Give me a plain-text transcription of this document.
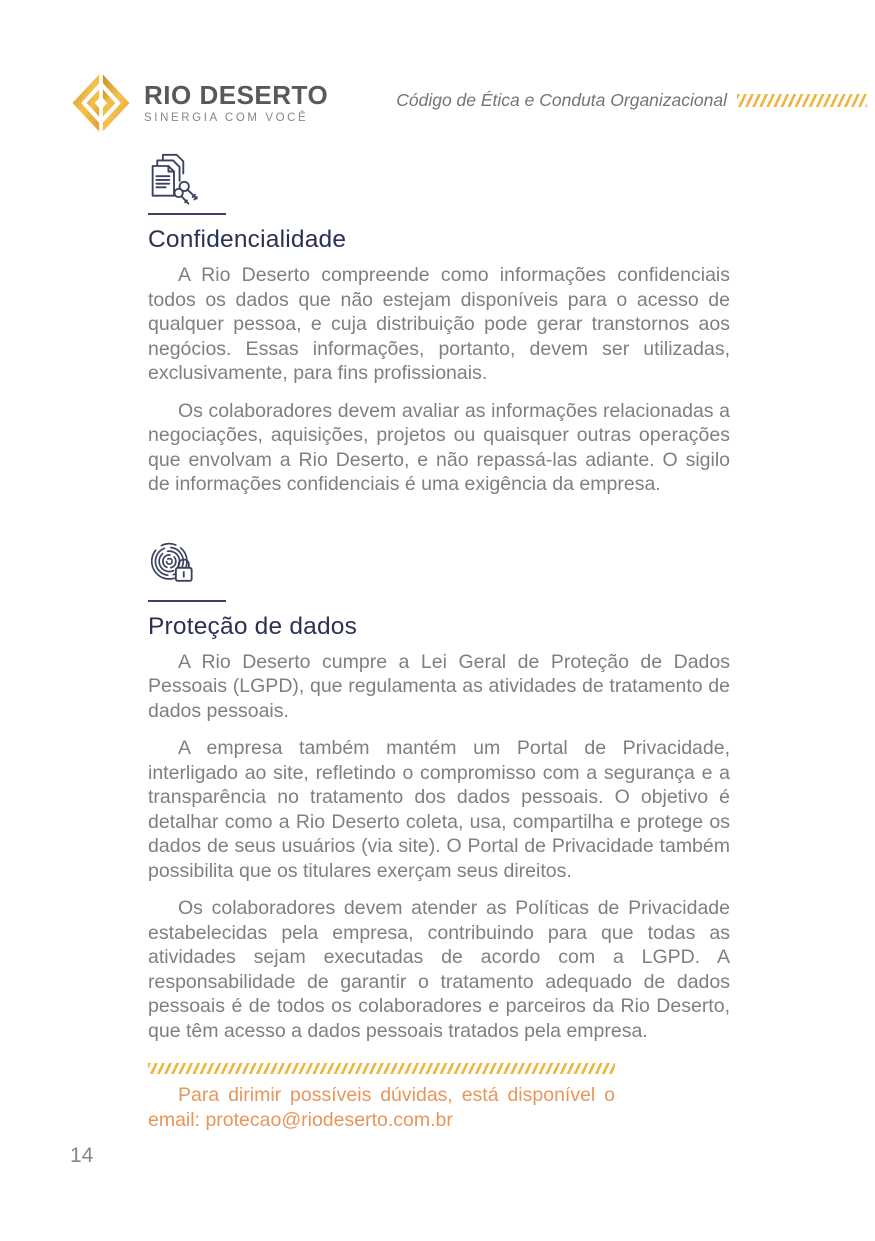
RIO DESERTO
SINERGIA COM VOCÊ
Código de Ética e Conduta Organizacional
Confidencialidade

A Rio Deserto compreende como informações confidenciais todos os dados que não estejam disponíveis para o acesso de qualquer pessoa, e cuja distribuição pode gerar transtornos aos negócios. Essas informações, portanto, devem ser utilizadas, exclusivamente, para fins profissionais.

Os colaboradores devem avaliar as informações relacionadas a negociações, aquisições, projetos ou quaisquer outras operações que envolvam a Rio Deserto, e não repassá-las adiante. O sigilo de informações confidenciais é uma exigência da empresa.

Proteção de dados

A Rio Deserto cumpre a Lei Geral de Proteção de Dados Pessoais (LGPD), que regulamenta as atividades de tratamento de dados pessoais.

A empresa também mantém um Portal de Privacidade, interligado ao site, refletindo o compromisso com a segurança e a transparência no tratamento dos dados pessoais. O objetivo é detalhar como a Rio Deserto coleta, usa, compartilha e protege os dados de seus usuários (via site). O Portal de Privacidade também possibilita que os titulares exerçam seus direitos.

Os colaboradores devem atender as Políticas de Privacidade estabelecidas pela empresa, contribuindo para que todas as atividades sejam executadas de acordo com a LGPD. A responsabilidade de garantir o tratamento adequado de dados pessoais é de todos os colaboradores e parceiros da Rio Deserto, que têm acesso a dados pessoais tratados pela empresa.

Para dirimir possíveis dúvidas, está disponível o email: protecao@riodeserto.com.br

14
